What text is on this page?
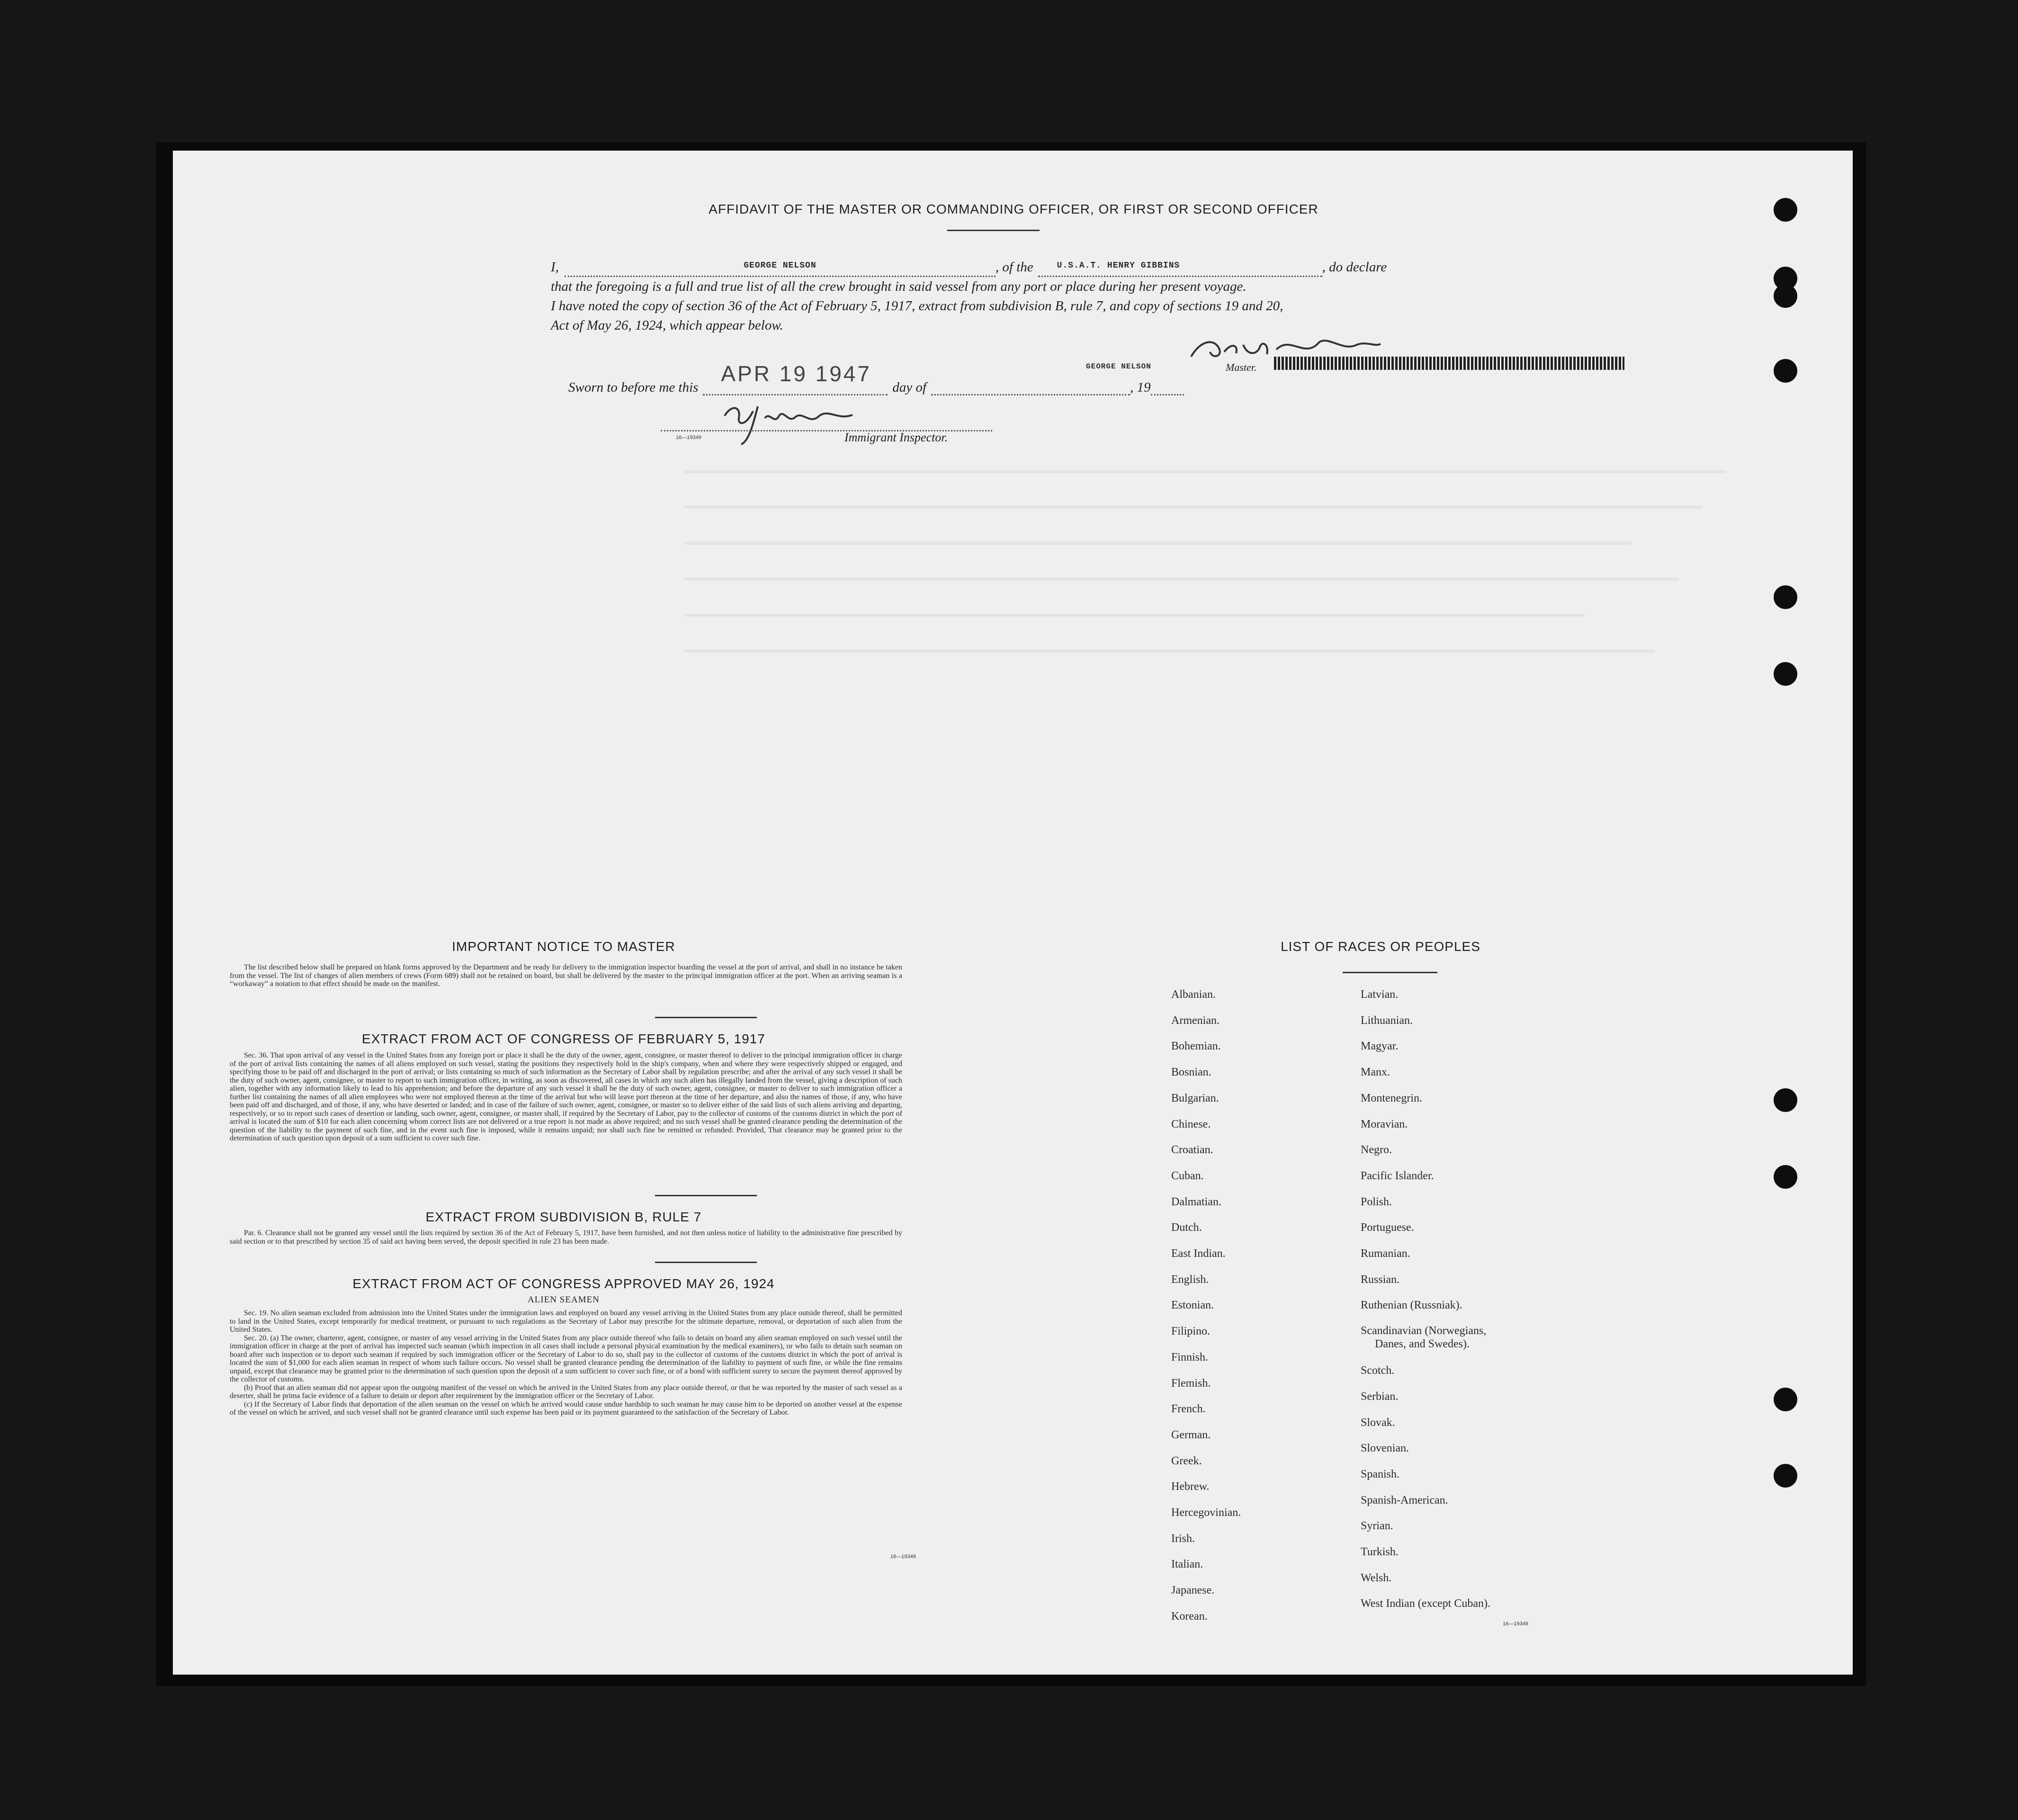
AFFIDAVIT OF THE MASTER OR COMMANDING OFFICER, OR FIRST OR SECOND OFFICER
I,	GEORGE NELSON	, of the	U.S.A.T. HENRY GIBBINS	, do declare
that the foregoing is a full and true list of all the crew brought in said vessel from any port or place during her present voyage.
I have noted the copy of section 36 of the Act of February 5, 1917, extract from subdivision B, rule 7, and copy of sections 19 and 20,
Act of May 26, 1924, which appear below.
Sworn to before me this
APR 19 1947
day of	, 19
GEORGE NELSON	Master.
16—19349	Immigrant Inspector.
IMPORTANT NOTICE TO MASTER

The list described below shall be prepared on blank forms approved by the Department and be ready for delivery to the immigration inspector boarding the vessel at the port of arrival, and shall in no instance be taken from the vessel. The list of changes of alien members of crews (Form 689) shall not be retained on board, but shall be delivered by the master to the principal immigration officer at the port. When an arriving seaman is a “workaway” a notation to that effect should be made on the manifest.

EXTRACT FROM ACT OF CONGRESS OF FEBRUARY 5, 1917

Sec. 36. That upon arrival of any vessel in the United States from any foreign port or place it shall be the duty of the owner, agent, consignee, or master thereof to deliver to the principal immigration officer in charge of the port of arrival lists containing the names of all aliens employed on such vessel, stating the positions they respectively hold in the ship's company, when and where they were respectively shipped or engaged, and specifying those to be paid off and discharged in the port of arrival; or lists containing so much of such information as the Secretary of Labor shall by regulation prescribe; and after the arrival of any such vessel it shall be the duty of such owner, agent, consignee, or master to report to such immigration officer, in writing, as soon as discovered, all cases in which any such alien has illegally landed from the vessel, giving a description of such alien, together with any information likely to lead to his apprehension; and before the departure of any such vessel it shall be the duty of such owner, agent, consignee, or master to deliver to such immigration officer a further list containing the names of all alien employees who were not employed thereon at the time of the arrival but who will leave port thereon at the time of her departure, and also the names of those, if any, who have been paid off and discharged, and of those, if any, who have deserted or landed; and in case of the failure of such owner, agent, consignee, or master so to deliver either of the said lists of such aliens arriving and departing, respectively, or so to report such cases of desertion or landing, such owner, agent, consignee, or master shall, if required by the Secretary of Labor, pay to the collector of customs of the customs district in which the port of arrival is located the sum of $10 for each alien concerning whom correct lists are not delivered or a true report is not made as above required; and no such vessel shall be granted clearance pending the determination of the question of the liability to the payment of such fine, and in the event such fine is imposed, while it remains unpaid; nor shall such fine be remitted or refunded: Provided, That clearance may be granted prior to the determination of such question upon deposit of a sum sufficient to cover such fine.

EXTRACT FROM SUBDIVISION B, RULE 7

Par. 6. Clearance shall not be granted any vessel until the lists required by section 36 of the Act of February 5, 1917, have been furnished, and not then unless notice of liability to the administrative fine prescribed by said section or to that prescribed by section 35 of said act having been served, the deposit specified in rule 23 has been made.

EXTRACT FROM ACT OF CONGRESS APPROVED MAY 26, 1924
ALIEN SEAMEN

Sec. 19. No alien seaman excluded from admission into the United States under the immigration laws and employed on board any vessel arriving in the United States from any place outside thereof, shall be permitted to land in the United States, except temporarily for medical treatment, or pursuant to such regulations as the Secretary of Labor may prescribe for the ultimate departure, removal, or deportation of such alien from the United States.

Sec. 20. (a) The owner, charterer, agent, consignee, or master of any vessel arriving in the United States from any place outside thereof who fails to detain on board any alien seaman employed on such vessel until the immigration officer in charge at the port of arrival has inspected such seaman (which inspection in all cases shall include a personal physical examination by the medical examiners), or who fails to detain such seaman on board after such inspection or to deport such seaman if required by such immigration officer or the Secretary of Labor to do so, shall pay to the collector of customs of the customs district in which the port of arrival is located the sum of $1,000 for each alien seaman in respect of whom such failure occurs. No vessel shall be granted clearance pending the determination of the liability to payment of such fine, or while the fine remains unpaid, except that clearance may be granted prior to the determination of such question upon the deposit of a sum sufficient to cover such fine, or of a bond with sufficient surety to secure the payment thereof approved by the collector of customs.

(b) Proof that an alien seaman did not appear upon the outgoing manifest of the vessel on which he arrived in the United States from any place outside thereof, or that he was reported by the master of such vessel as a deserter, shall be prima facie evidence of a failure to detain or deport after requirement by the immigration officer or the Secretary of Labor.

(c) If the Secretary of Labor finds that deportation of the alien seaman on the vessel on which he arrived would cause undue hardship to such seaman he may cause him to be deported on another vessel at the expense of the vessel on which he arrived, and such vessel shall not be granted clearance until such expense has been paid or its payment guaranteed to the satisfaction of the Secretary of Labor.

16—19349
LIST OF RACES OR PEOPLES
Albanian.
Armenian.
Bohemian.
Bosnian.
Bulgarian.
Chinese.
Croatian.
Cuban.
Dalmatian.
Dutch.
East Indian.
English.
Estonian.
Filipino.
Finnish.
Flemish.
French.
German.
Greek.
Hebrew.
Hercegovinian.
Irish.
Italian.
Japanese.
Korean.
Latvian.
Lithuanian.
Magyar.
Manx.
Montenegrin.
Moravian.
Negro.
Pacific Islander.
Polish.
Portuguese.
Rumanian.
Russian.
Ruthenian (Russniak).
Scandinavian (Norwegians,
Danes, and Swedes).
Scotch.
Serbian.
Slovak.
Slovenian.
Spanish.
Spanish-American.
Syrian.
Turkish.
Welsh.
West Indian (except Cuban).
16—19349
